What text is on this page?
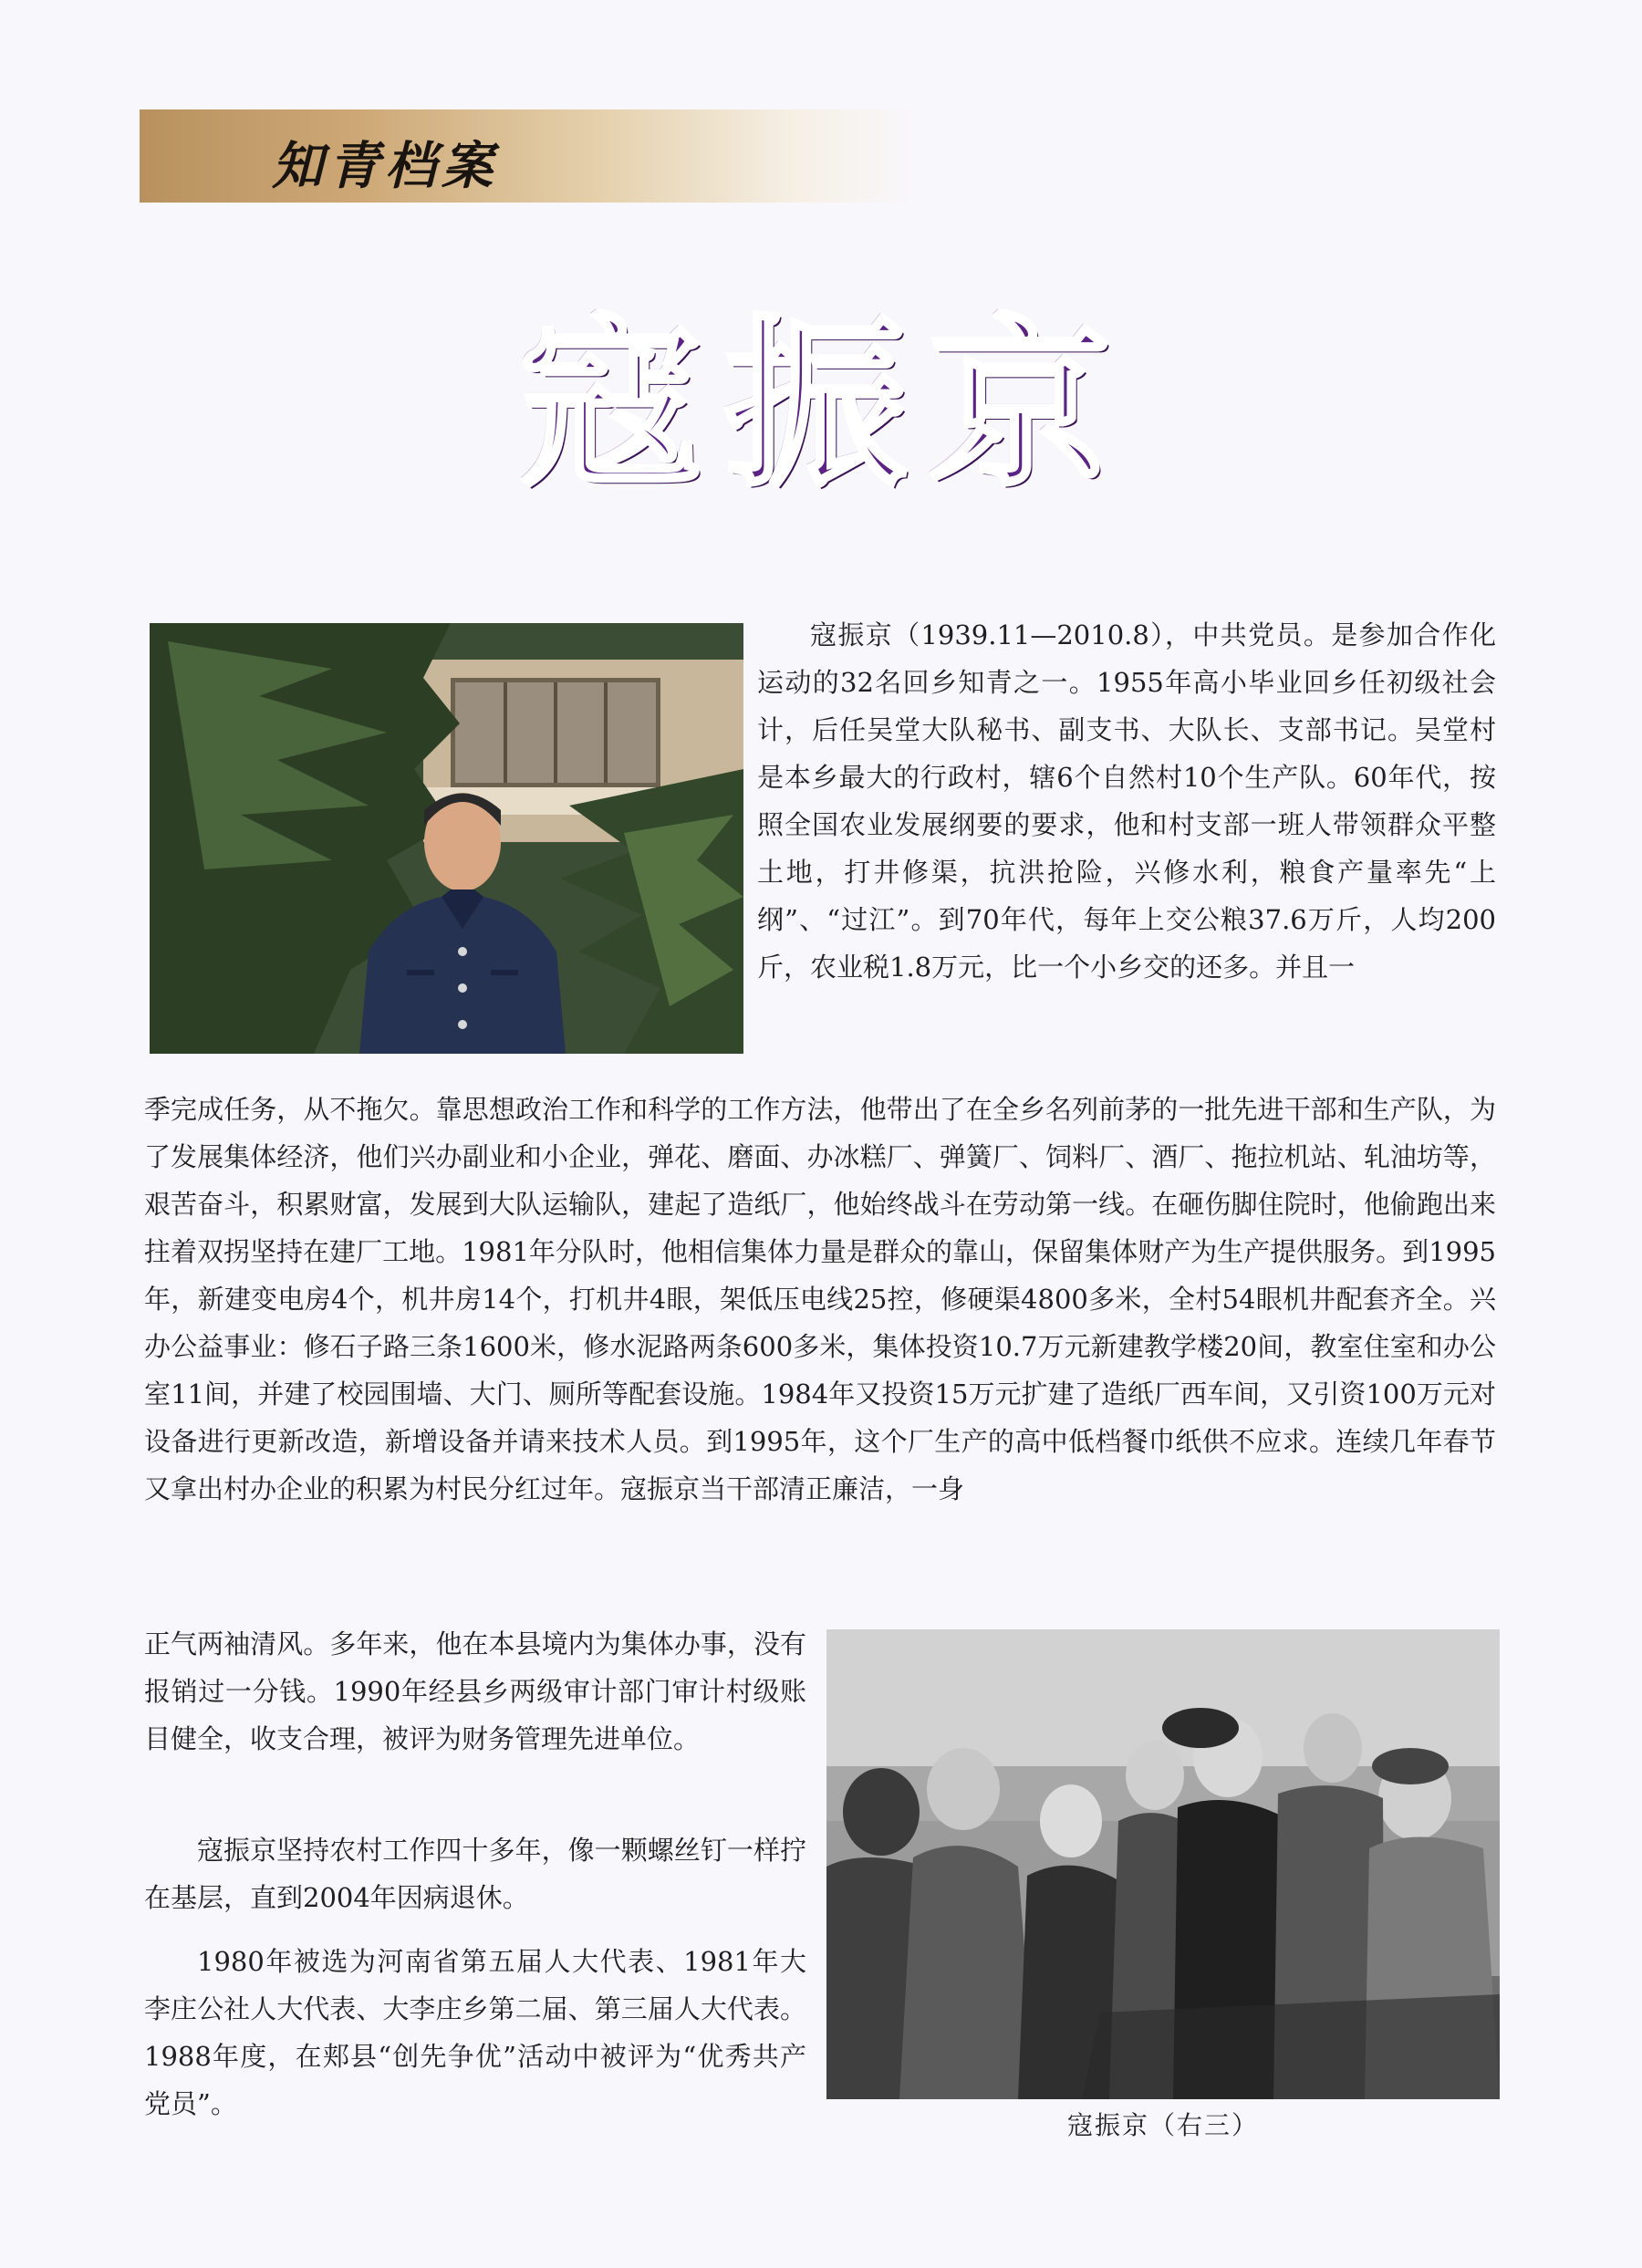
知青档案
寇振京

寇振京（1939.11—2010.8），中共党员。是参加合作化运动的32名回乡知青之一。1955年高小毕业回乡任初级社会计，后任吴堂大队秘书、副支书、大队长、支部书记。吴堂村是本乡最大的行政村，辖6个自然村10个生产队。60年代，按照全国农业发展纲要的要求，他和村支部一班人带领群众平整土地，打井修渠，抗洪抢险，兴修水利，粮食产量率先“上纲”、“过江”。到70年代，每年上交公粮37.6万斤，人均200斤，农业税1.8万元，比一个小乡交的还多。并且一

季完成任务，从不拖欠。靠思想政治工作和科学的工作方法，他带出了在全乡名列前茅的一批先进干部和生产队，为了发展集体经济，他们兴办副业和小企业，弹花、磨面、办冰糕厂、弹簧厂、饲料厂、酒厂、拖拉机站、轧油坊等，艰苦奋斗，积累财富，发展到大队运输队，建起了造纸厂，他始终战斗在劳动第一线。在砸伤脚住院时，他偷跑出来拄着双拐坚持在建厂工地。1981年分队时，他相信集体力量是群众的靠山，保留集体财产为生产提供服务。到1995年，新建变电房4个，机井房14个，打机井4眼，架低压电线25控，修硬渠4800多米，全村54眼机井配套齐全。兴办公益事业：修石子路三条1600米，修水泥路两条600多米，集体投资10.7万元新建教学楼20间，教室住室和办公室11间，并建了校园围墙、大门、厕所等配套设施。1984年又投资15万元扩建了造纸厂西车间，又引资100万元对设备进行更新改造，新增设备并请来技术人员。到1995年，这个厂生产的高中低档餐巾纸供不应求。连续几年春节又拿出村办企业的积累为村民分红过年。寇振京当干部清正廉洁，一身

正气两袖清风。多年来，他在本县境内为集体办事，没有报销过一分钱。1990年经县乡两级审计部门审计村级账目健全，收支合理，被评为财务管理先进单位。

寇振京坚持农村工作四十多年，像一颗螺丝钉一样拧在基层，直到2004年因病退休。

1980年被选为河南省第五届人大代表、1981年大李庄公社人大代表、大李庄乡第二届、第三届人大代表。1988年度，在郏县“创先争优”活动中被评为“优秀共产党员”。

寇振京（右三）
